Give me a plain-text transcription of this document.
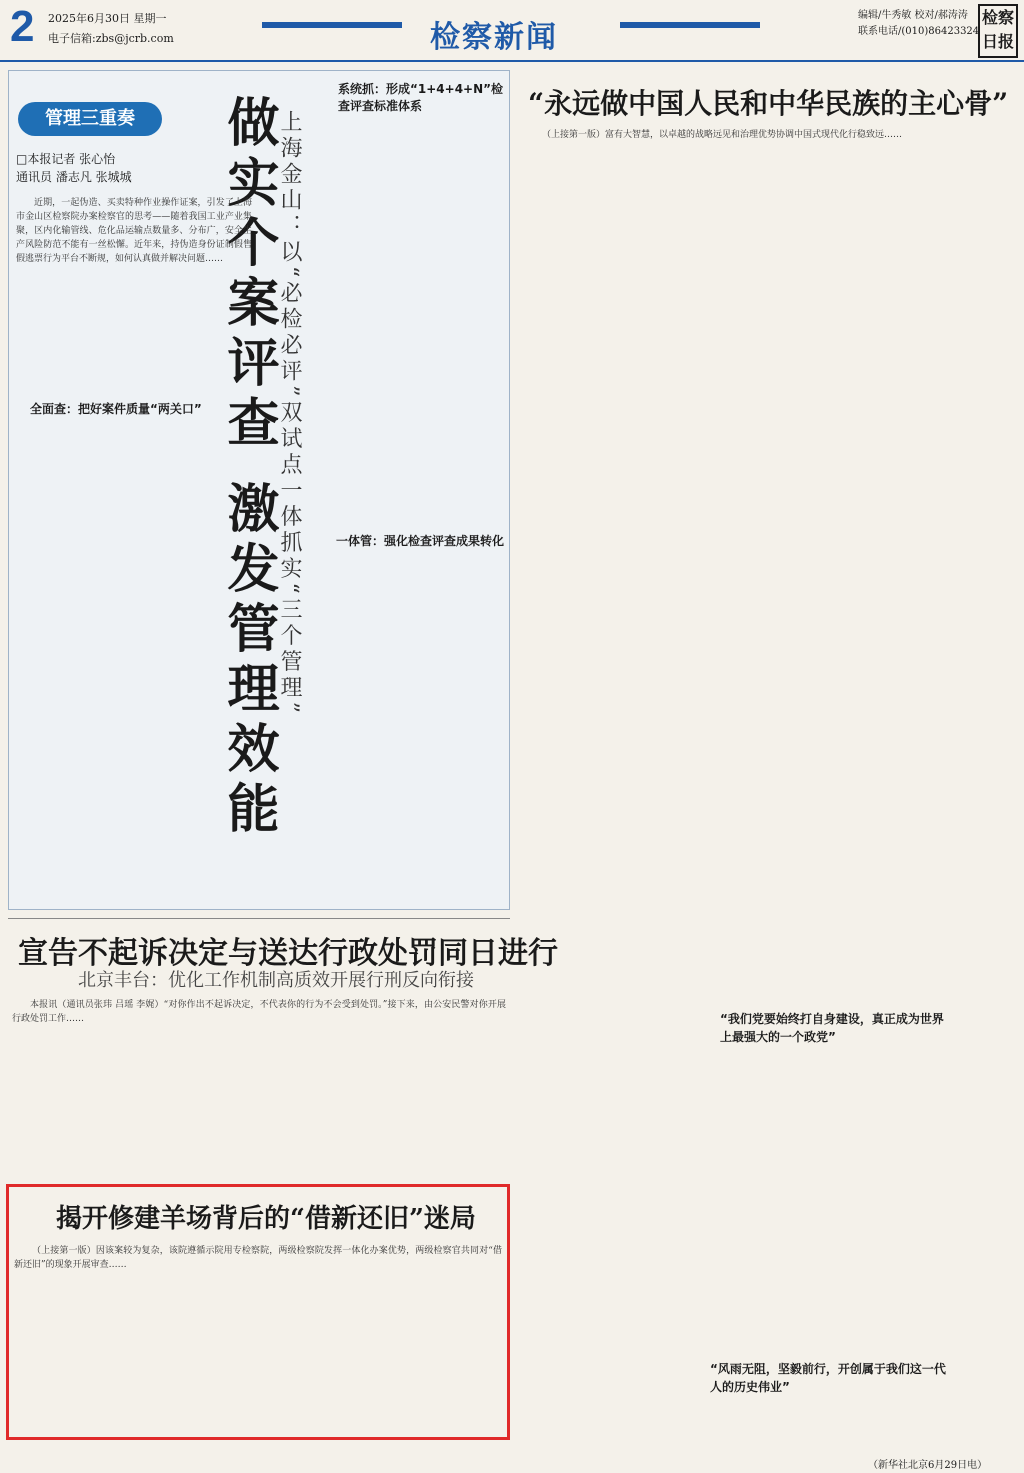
2 2025年6月30日 星期一
电子信箱:zbs@jcrb.com	检察新闻
编辑/牛秀敏 校对/郝涛涛
联系电话/(010)86423324
检察日报
管理三重奏
□本报记者 张心怡
通讯员 潘志凡 张城城 做实个案评查 激发管理效能
上海金山：以“必检必评”双试点一体抓实“三个管理”
系统抓：形成“1+4+4+N”检查评查标准体系
全面查：把好案件质量“两关口”
一体管：强化检查评查成果转化

近期，一起伪造、买卖特种作业操作证案，引发了上海市金山区检察院办案检察官的思考——随着我国工业产业集聚，区内化输管线、危化品运输点数量多、分布广，安全生产风险防范不能有一丝松懈。近年来，持伪造身份证制假售假逃票行为平台不断规，如何认真做并解决问题……

“永远做中国人民和中华民族的主心骨”

（上接第一版）富有大智慧，以卓越的战略远见和治理优势协调中国式现代化行稳致远……

“我们党要始终打自身建设，真正成为世界上最强大的一个政党”
“风雨无阻，坚毅前行，开创属于我们这一代人的历史伟业”
（新华社北京6月29日电）
宣告不起诉决定与送达行政处罚同日进行
北京丰台：优化工作机制高质效开展行刑反向衔接

本报讯（通讯员张玮 吕瑶 李娓）“对你作出不起诉决定，不代表你的行为不会受到处罚。”接下来，由公安民警对你开展行政处罚工作……

揭开修建羊场背后的“借新还旧”迷局

（上接第一版）因该案较为复杂，该院遵循示院用专检察院，两级检察院发挥一体化办案优势，两级检察官共同对“借新还旧”的现象开展审查……
